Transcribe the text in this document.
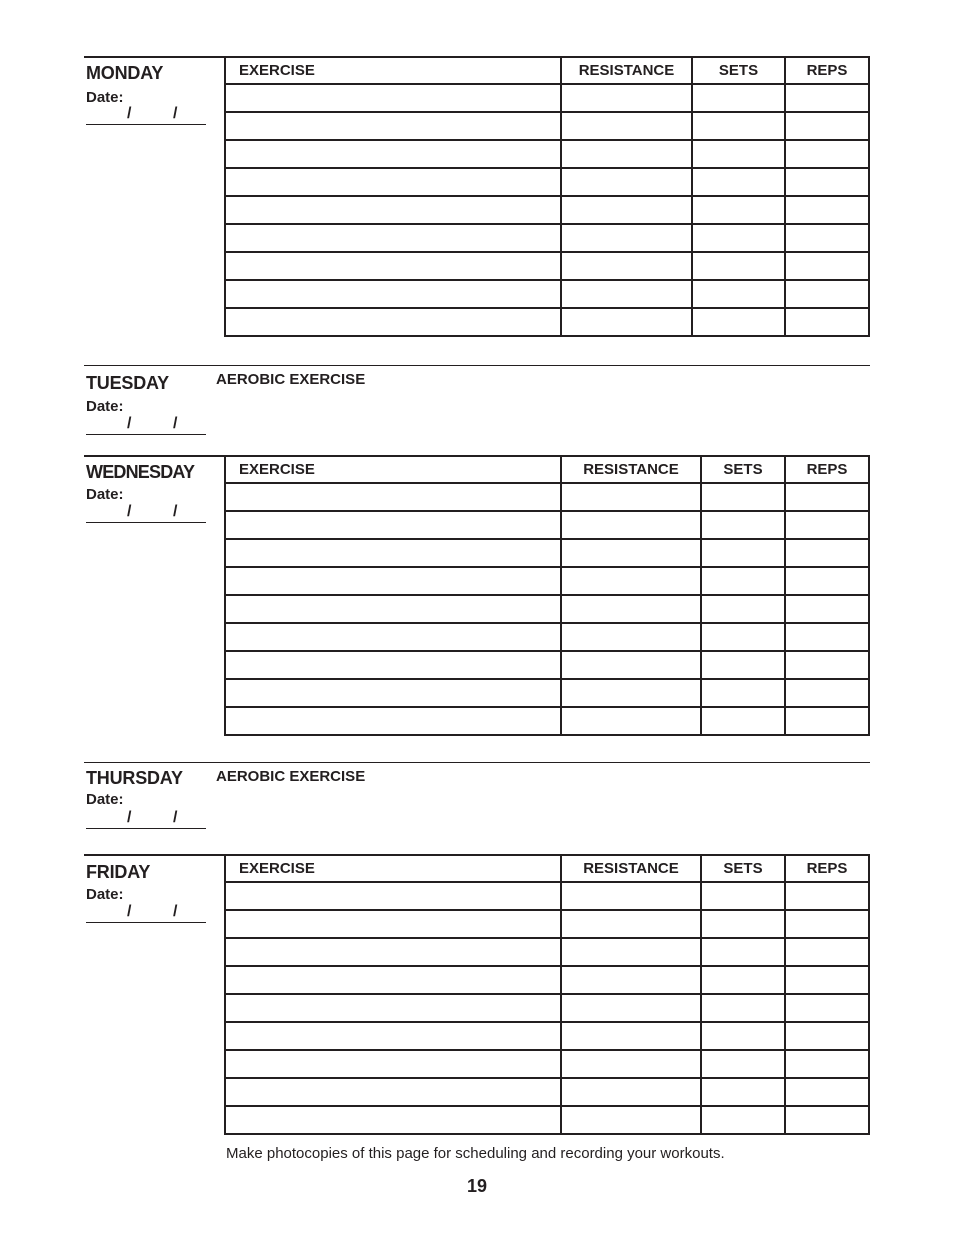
MONDAY
Date:
/	/
EXERCISE	RESISTANCE	SETS	REPS

TUESDAY	AEROBIC EXERCISE
Date:
/	/
WEDNESDAY
Date:
/	/
EXERCISE	RESISTANCE	SETS	REPS

THURSDAY AEROBIC EXERCISE
Date:
/	/
FRIDAY
Date:
/	/
EXERCISE	RESISTANCE	SETS	REPS

Make photocopies of this page for scheduling and recording your workouts.
19
